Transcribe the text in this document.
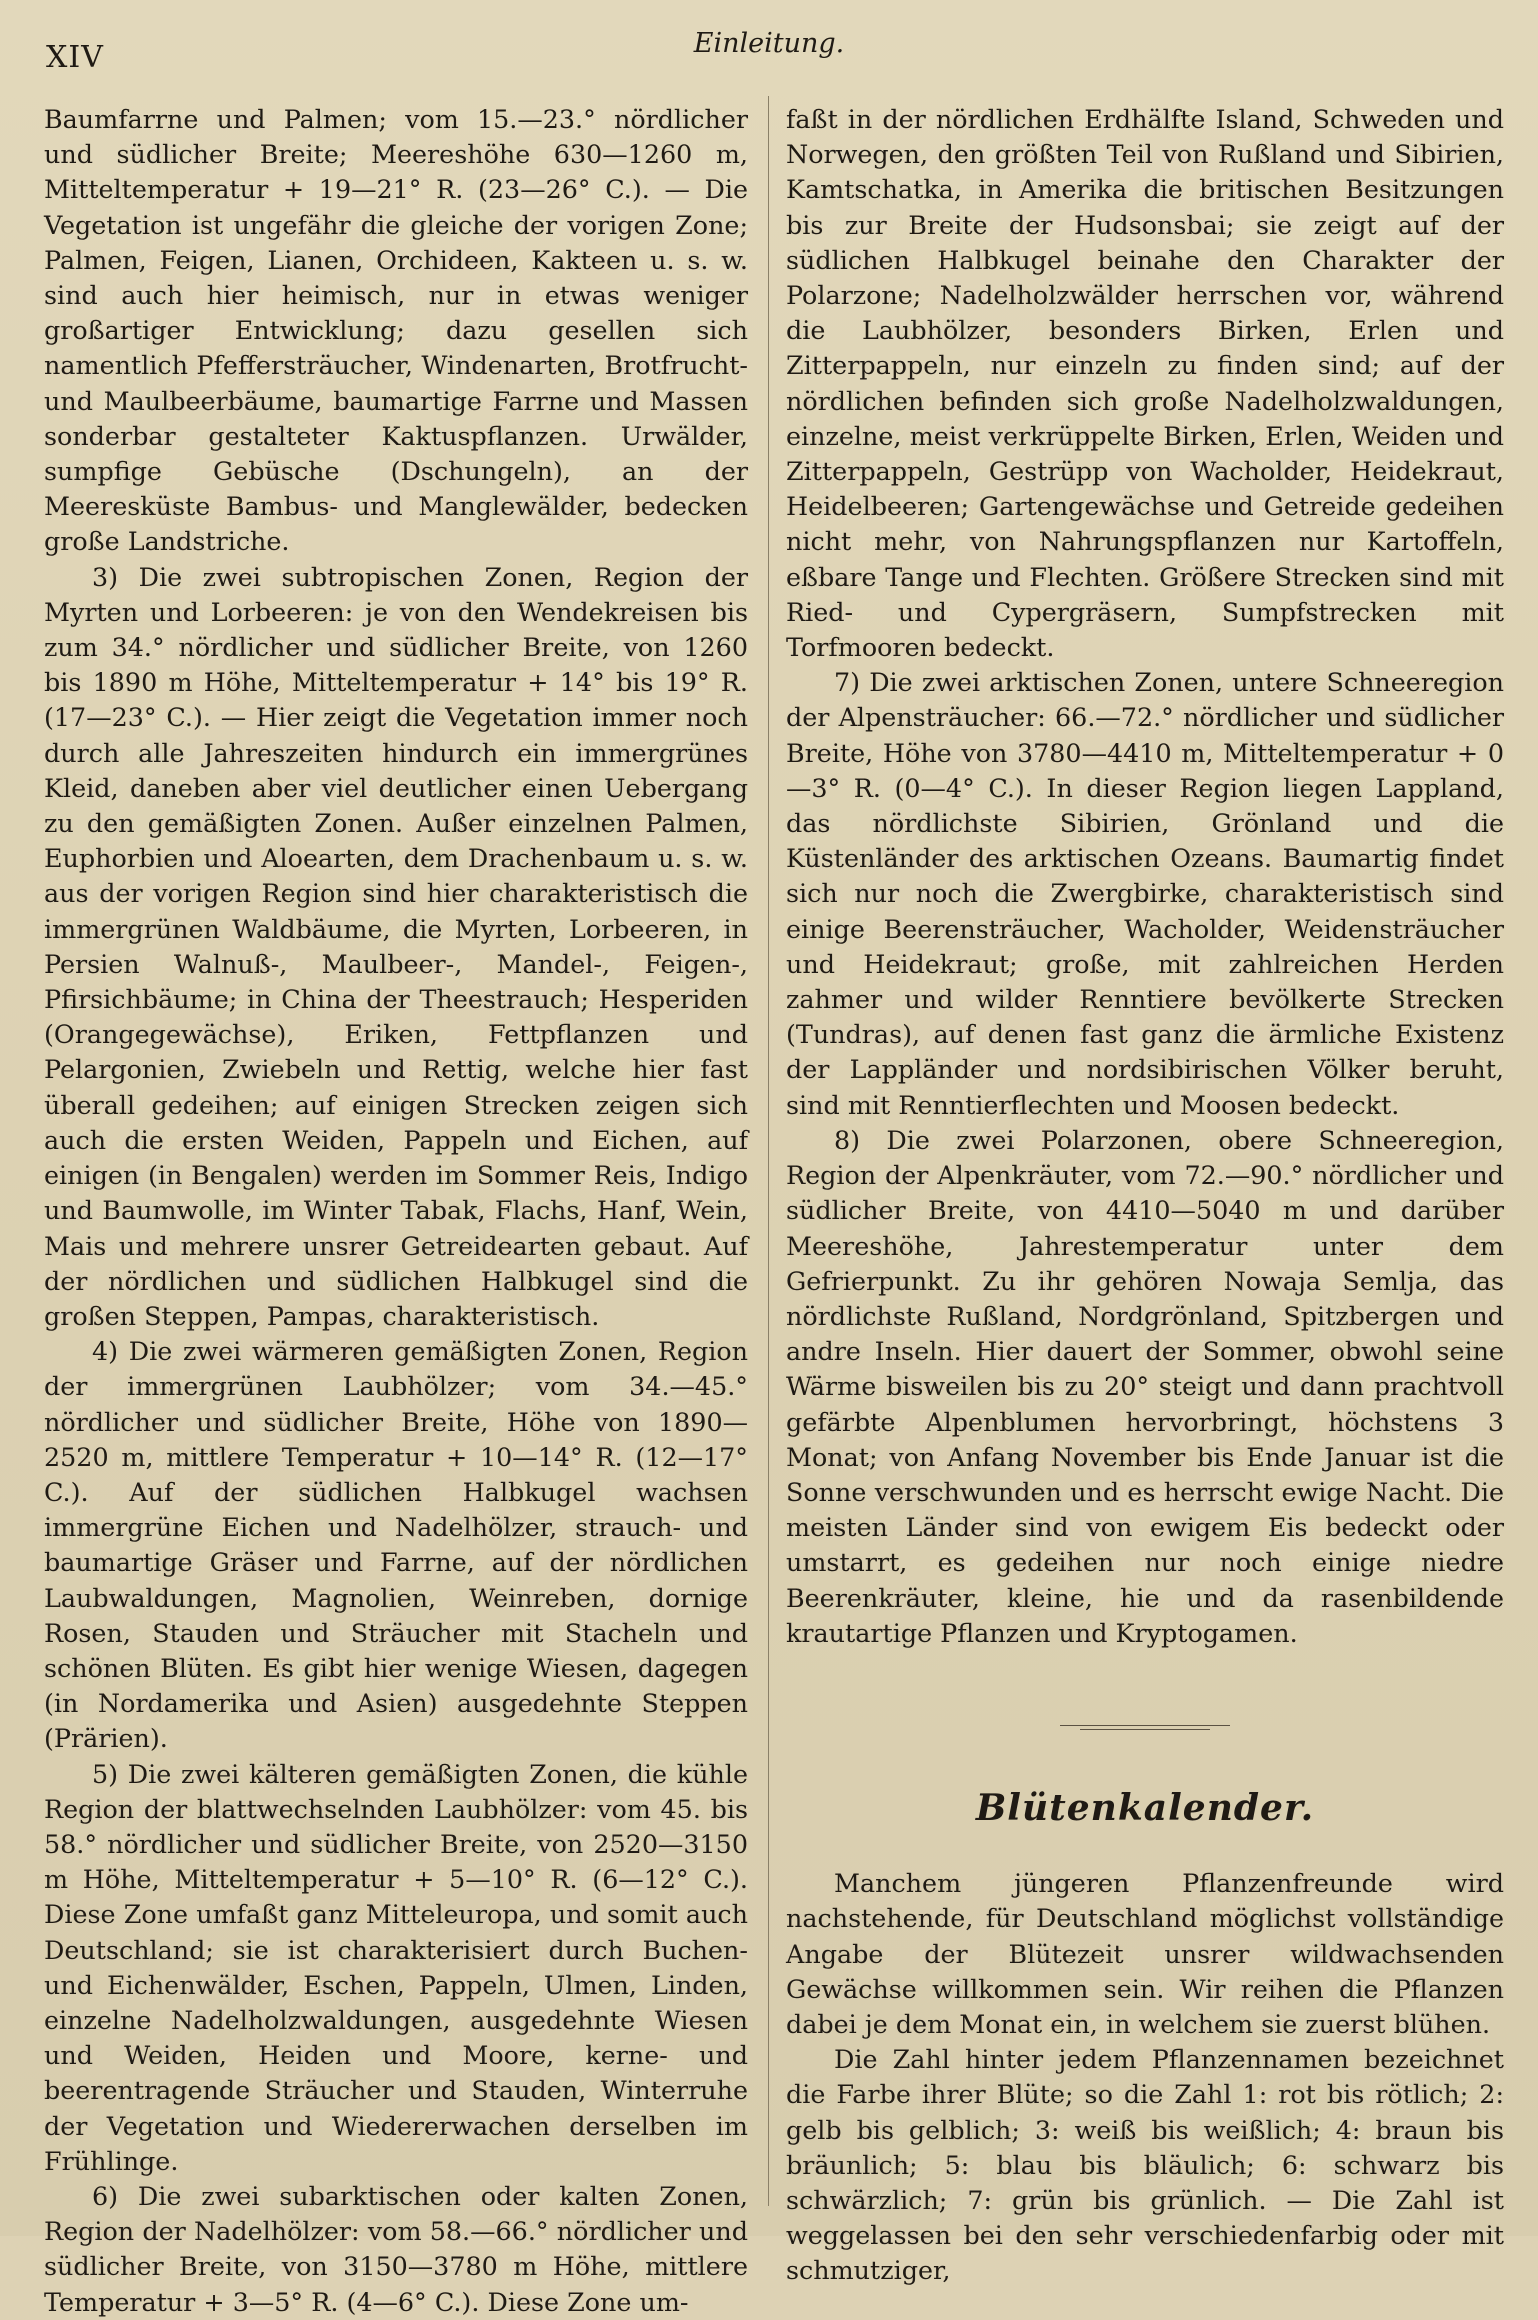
XIV	Einleitung.

Baumfarrne und Palmen; vom 15.—23.° nördlicher und südlicher Breite; Meereshöhe 630—1260 m, Mitteltemperatur + 19—21° R. (23—26° C.). — Die Vegetation ist ungefähr die gleiche der vorigen Zone; Palmen, Feigen, Lianen, Orchideen, Kakteen u. s. w. sind auch hier heimisch, nur in etwas weniger großartiger Entwicklung; dazu gesellen sich namentlich Pfeffersträucher, Windenarten, Brotfrucht- und Maulbeerbäume, baumartige Farrne und Massen sonderbar gestalteter Kaktuspflanzen. Urwälder, sumpfige Gebüsche (Dschungeln), an der Meeresküste Bambus- und Manglewälder, bedecken große Landstriche.

3) Die zwei subtropischen Zonen, Region der Myrten und Lorbeeren: je von den Wendekreisen bis zum 34.° nördlicher und südlicher Breite, von 1260 bis 1890 m Höhe, Mitteltemperatur + 14° bis 19° R. (17—23° C.). — Hier zeigt die Vegetation immer noch durch alle Jahreszeiten hindurch ein immergrünes Kleid, daneben aber viel deutlicher einen Uebergang zu den gemäßigten Zonen. Außer einzelnen Palmen, Euphorbien und Aloearten, dem Drachenbaum u. s. w. aus der vorigen Region sind hier charakteristisch die immergrünen Waldbäume, die Myrten, Lorbeeren, in Persien Walnuß-, Maulbeer-, Mandel-, Feigen-, Pfirsichbäume; in China der Theestrauch; Hesperiden (Orangegewächse), Eriken, Fettpflanzen und Pelargonien, Zwiebeln und Rettig, welche hier fast überall gedeihen; auf einigen Strecken zeigen sich auch die ersten Weiden, Pappeln und Eichen, auf einigen (in Bengalen) werden im Sommer Reis, Indigo und Baumwolle, im Winter Tabak, Flachs, Hanf, Wein, Mais und mehrere unsrer Getreidearten gebaut. Auf der nördlichen und südlichen Halbkugel sind die großen Steppen, Pampas, charakteristisch.

4) Die zwei wärmeren gemäßigten Zonen, Region der immergrünen Laubhölzer; vom 34.—45.° nördlicher und südlicher Breite, Höhe von 1890—2520 m, mittlere Temperatur + 10—14° R. (12—17° C.). Auf der südlichen Halbkugel wachsen immergrüne Eichen und Nadelhölzer, strauch- und baumartige Gräser und Farrne, auf der nördlichen Laubwaldungen, Magnolien, Weinreben, dornige Rosen, Stauden und Sträucher mit Stacheln und schönen Blüten. Es gibt hier wenige Wiesen, dagegen (in Nordamerika und Asien) ausgedehnte Steppen (Prärien).

5) Die zwei kälteren gemäßigten Zonen, die kühle Region der blattwechselnden Laubhölzer: vom 45. bis 58.° nördlicher und südlicher Breite, von 2520—3150 m Höhe, Mitteltemperatur + 5—10° R. (6—12° C.). Diese Zone umfaßt ganz Mitteleuropa, und somit auch Deutschland; sie ist charakterisiert durch Buchen- und Eichenwälder, Eschen, Pappeln, Ulmen, Linden, einzelne Nadelholzwaldungen, ausgedehnte Wiesen und Weiden, Heiden und Moore, kerne- und beerentragende Sträucher und Stauden, Winterruhe der Vegetation und Wiedererwachen derselben im Frühlinge.

6) Die zwei subarktischen oder kalten Zonen, Region der Nadelhölzer: vom 58.—66.° nördlicher und südlicher Breite, von 3150—3780 m Höhe, mittlere Temperatur + 3—5° R. (4—6° C.). Diese Zone um-

faßt in der nördlichen Erdhälfte Island, Schweden und Norwegen, den größten Teil von Rußland und Sibirien, Kamtschatka, in Amerika die britischen Besitzungen bis zur Breite der Hudsonsbai; sie zeigt auf der südlichen Halbkugel beinahe den Charakter der Polarzone; Nadelholzwälder herrschen vor, während die Laubhölzer, besonders Birken, Erlen und Zitterpappeln, nur einzeln zu finden sind; auf der nördlichen befinden sich große Nadelholzwaldungen, einzelne, meist verkrüppelte Birken, Erlen, Weiden und Zitterpappeln, Gestrüpp von Wacholder, Heidekraut, Heidelbeeren; Gartengewächse und Getreide gedeihen nicht mehr, von Nahrungspflanzen nur Kartoffeln, eßbare Tange und Flechten. Größere Strecken sind mit Ried- und Cypergräsern, Sumpfstrecken mit Torfmooren bedeckt.

7) Die zwei arktischen Zonen, untere Schneeregion der Alpensträucher: 66.—72.° nördlicher und südlicher Breite, Höhe von 3780—4410 m, Mitteltemperatur + 0—3° R. (0—4° C.). In dieser Region liegen Lappland, das nördlichste Sibirien, Grönland und die Küstenländer des arktischen Ozeans. Baumartig findet sich nur noch die Zwergbirke, charakteristisch sind einige Beerensträucher, Wacholder, Weidensträucher und Heidekraut; große, mit zahlreichen Herden zahmer und wilder Renntiere bevölkerte Strecken (Tundras), auf denen fast ganz die ärmliche Existenz der Lappländer und nordsibirischen Völker beruht, sind mit Renntierflechten und Moosen bedeckt.

8) Die zwei Polarzonen, obere Schneeregion, Region der Alpenkräuter, vom 72.—90.° nördlicher und südlicher Breite, von 4410—5040 m und darüber Meereshöhe, Jahrestemperatur unter dem Gefrierpunkt. Zu ihr gehören Nowaja Semlja, das nördlichste Rußland, Nordgrönland, Spitzbergen und andre Inseln. Hier dauert der Sommer, obwohl seine Wärme bisweilen bis zu 20° steigt und dann prachtvoll gefärbte Alpenblumen hervorbringt, höchstens 3 Monat; von Anfang November bis Ende Januar ist die Sonne verschwunden und es herrscht ewige Nacht. Die meisten Länder sind von ewigem Eis bedeckt oder umstarrt, es gedeihen nur noch einige niedre Beerenkräuter, kleine, hie und da rasenbildende krautartige Pflanzen und Kryptogamen.

Blütenkalender.

Manchem jüngeren Pflanzenfreunde wird nachstehende, für Deutschland möglichst vollständige Angabe der Blütezeit unsrer wildwachsenden Gewächse willkommen sein. Wir reihen die Pflanzen dabei je dem Monat ein, in welchem sie zuerst blühen.

Die Zahl hinter jedem Pflanzennamen bezeichnet die Farbe ihrer Blüte; so die Zahl 1: rot bis rötlich; 2: gelb bis gelblich; 3: weiß bis weißlich; 4: braun bis bräunlich; 5: blau bis bläulich; 6: schwarz bis schwärzlich; 7: grün bis grünlich. — Die Zahl ist weggelassen bei den sehr verschiedenfarbig oder mit schmutziger,
